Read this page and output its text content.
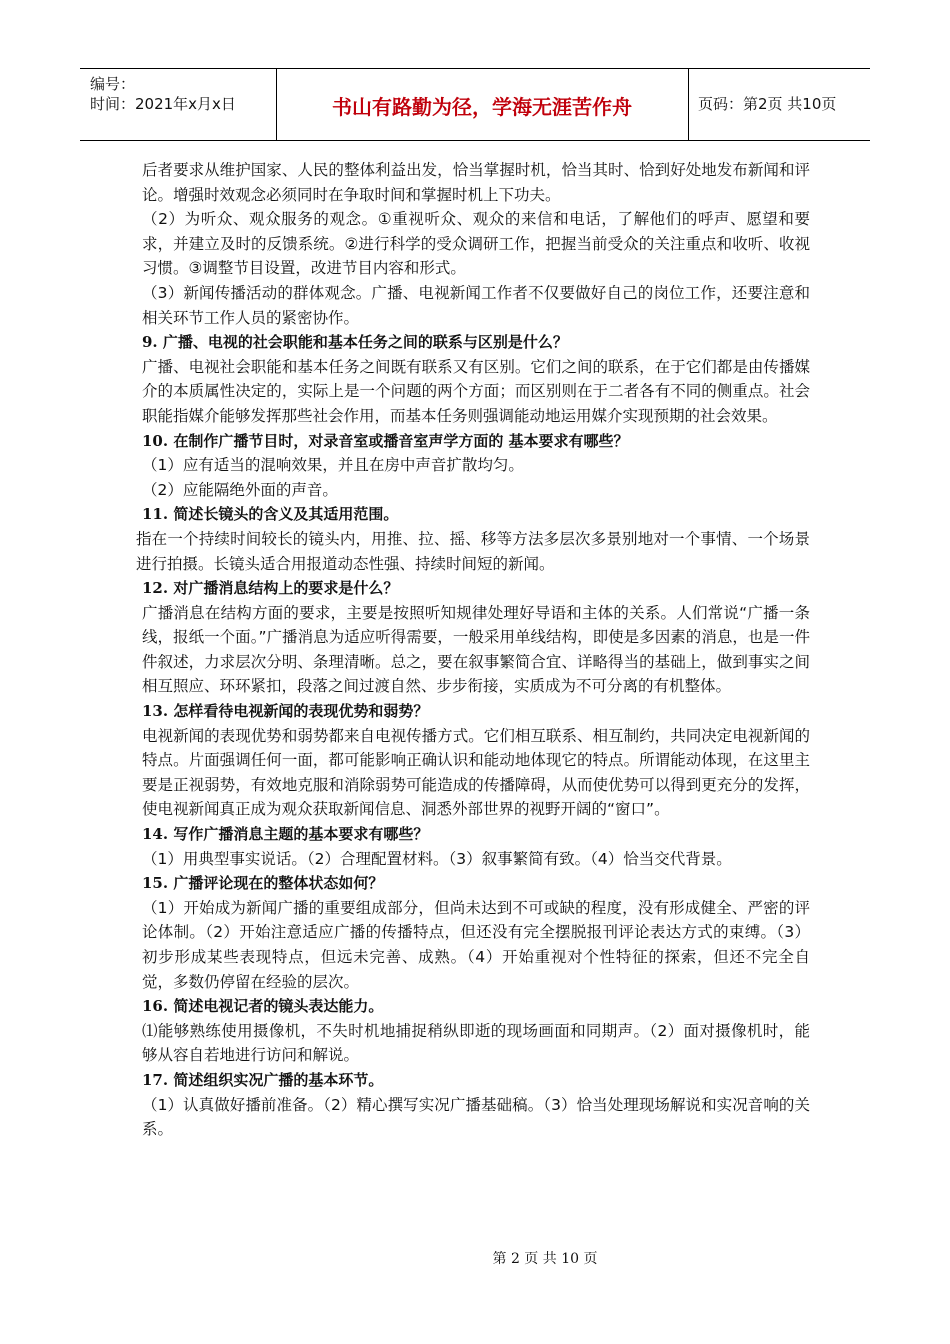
编号：
时间：2021年x月x日	书山有路勤为径，学海无涯苦作舟	页码：第2页 共10页

后者要求从维护国家、人民的整体利益出发，恰当掌握时机，恰当其时、恰到好处地发布新闻和评论。增强时效观念必须同时在争取时间和掌握时机上下功夫。

（2）为听众、观众服务的观念。①重视听众、观众的来信和电话，了解他们的呼声、愿望和要求，并建立及时的反馈系统。②进行科学的受众调研工作，把握当前受众的关注重点和收听、收视习惯。③调整节目设置，改进节目内容和形式。

（3）新闻传播活动的群体观念。广播、电视新闻工作者不仅要做好自己的岗位工作，还要注意和相关环节工作人员的紧密协作。

9. 广播、电视的社会职能和基本任务之间的联系与区别是什么？

广播、电视社会职能和基本任务之间既有联系又有区别。它们之间的联系，在于它们都是由传播媒介的本质属性决定的，实际上是一个问题的两个方面；而区别则在于二者各有不同的侧重点。社会职能指媒介能够发挥那些社会作用，而基本任务则强调能动地运用媒介实现预期的社会效果。

10. 在制作广播节目时，对录音室或播音室声学方面的 基本要求有哪些？

（1）应有适当的混响效果，并且在房中声音扩散均匀。

（2）应能隔绝外面的声音。

11. 简述长镜头的含义及其适用范围。

指在一个持续时间较长的镜头内，用推、拉、摇、移等方法多层次多景别地对一个事情、一个场景进行拍摄。长镜头适合用报道动态性强、持续时间短的新闻。

12. 对广播消息结构上的要求是什么？

广播消息在结构方面的要求，主要是按照听知规律处理好导语和主体的关系。人们常说“广播一条线，报纸一个面。”广播消息为适应听得需要，一般采用单线结构，即使是多因素的消息，也是一件件叙述，力求层次分明、条理清晰。总之，要在叙事繁简合宜、详略得当的基础上，做到事实之间相互照应、环环紧扣，段落之间过渡自然、步步衔接，实质成为不可分离的有机整体。

13. 怎样看待电视新闻的表现优势和弱势？

电视新闻的表现优势和弱势都来自电视传播方式。它们相互联系、相互制约，共同决定电视新闻的特点。片面强调任何一面，都可能影响正确认识和能动地体现它的特点。所谓能动体现，在这里主要是正视弱势，有效地克服和消除弱势可能造成的传播障碍，从而使优势可以得到更充分的发挥，使电视新闻真正成为观众获取新闻信息、洞悉外部世界的视野开阔的“窗口”。

14. 写作广播消息主题的基本要求有哪些？

（1）用典型事实说话。（2）合理配置材料。（3）叙事繁简有致。（4）恰当交代背景。

15. 广播评论现在的整体状态如何？

（1）开始成为新闻广播的重要组成部分，但尚未达到不可或缺的程度，没有形成健全、严密的评论体制。（2）开始注意适应广播的传播特点，但还没有完全摆脱报刊评论表达方式的束缚。（3）初步形成某些表现特点，但远未完善、成熟。（4）开始重视对个性特征的探索，但还不完全自觉，多数仍停留在经验的层次。

16. 简述电视记者的镜头表达能力。

⑴能够熟练使用摄像机，不失时机地捕捉稍纵即逝的现场画面和同期声。（2）面对摄像机时，能够从容自若地进行访问和解说。

17. 简述组织实况广播的基本环节。

（1）认真做好播前准备。（2）精心撰写实况广播基础稿。（3）恰当处理现场解说和实况音响的关系。

第 2 页 共 10 页
